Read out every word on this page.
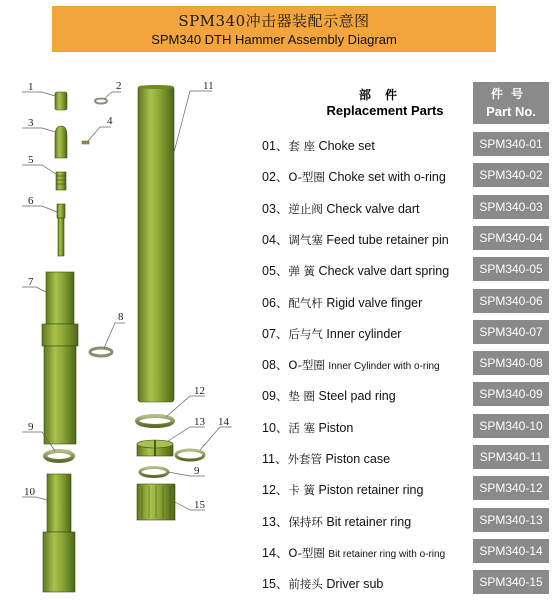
SPM340冲击器装配示意图
SPM340 DTH Hammer Assembly Diagram
1	2
3	4
5
6
7
8
9
10
11
12
13 14
9
15
部件
Replacement Parts
件号
Part No.
01、套 座 Choke set	SPM340-01
02、O-型圈 Choke set with o-ring	SPM340-02
03、逆止阀 Check valve dart	SPM340-03
04、调气塞 Feed tube retainer pin	SPM340-04
05、弹 簧 Check valve dart spring	SPM340-05
06、配气杆 Rigid valve finger	SPM340-06
07、后与气 Inner cylinder	SPM340-07
08、O-型圈 Inner Cylinder with o-ring	SPM340-08
09、垫 圈 Steel pad ring	SPM340-09
10、活 塞 Piston	SPM340-10
11、外套管 Piston case	SPM340-11
12、卡 簧 Piston retainer ring	SPM340-12
13、保持环 Bit retainer ring	SPM340-13
14、O-型圈 Bit retainer ring with o-ring	SPM340-14
15、前接头 Driver sub	SPM340-15
